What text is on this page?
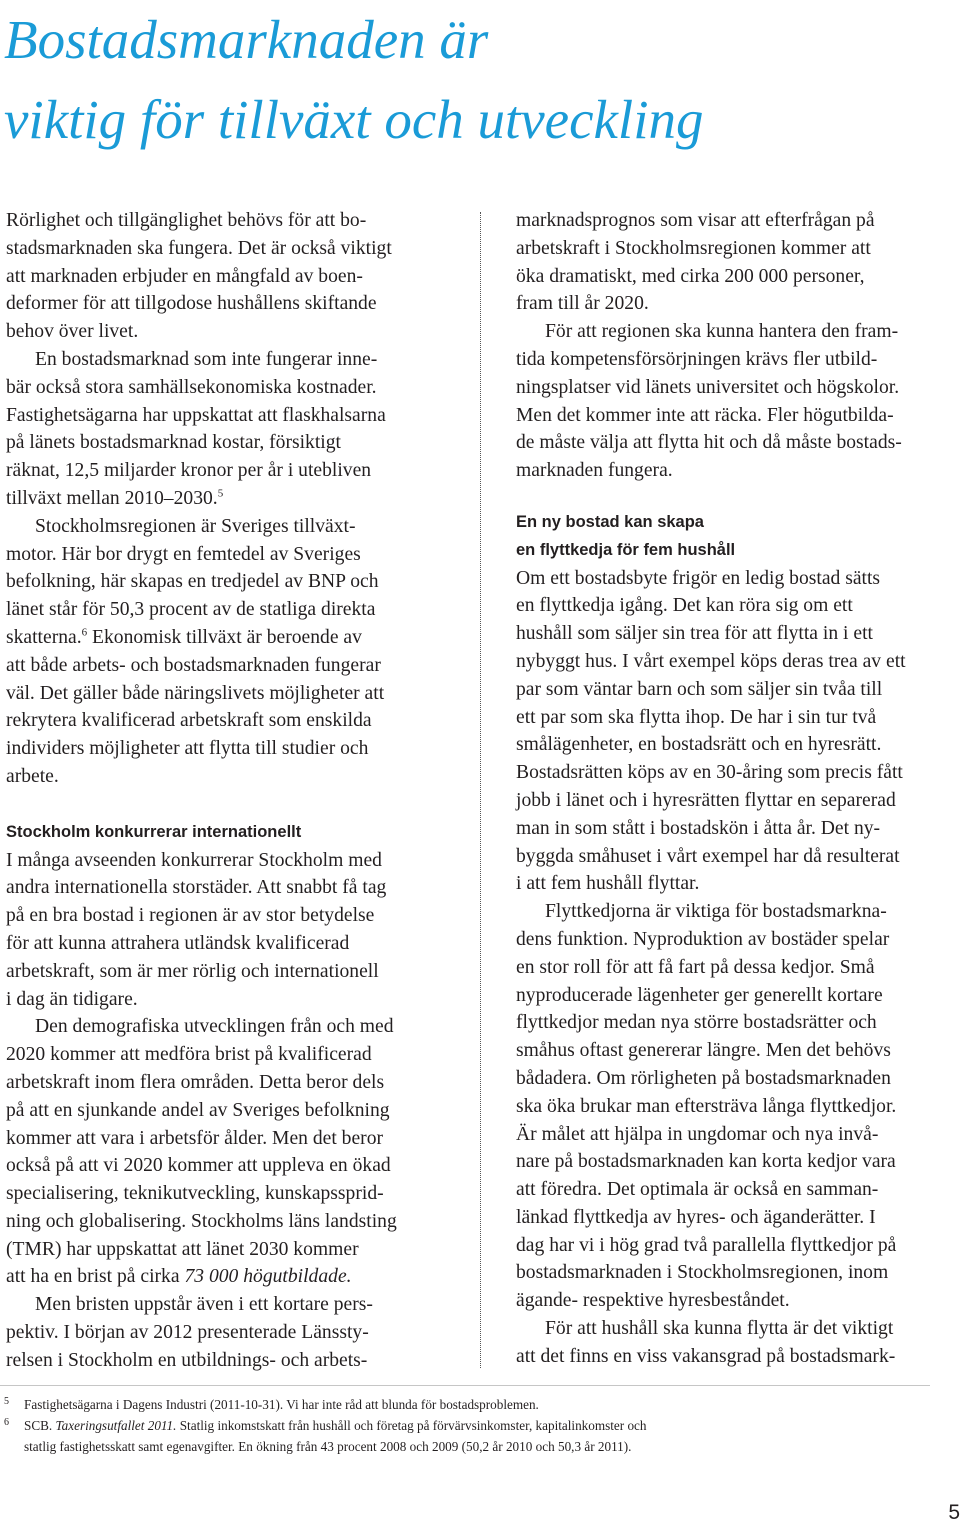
Bostadsmarknaden är
viktig för tillväxt och utveckling

Rörlighet och tillgänglighet behövs för att bo-
stadsmarknaden ska fungera. Det är också viktigt
att marknaden erbjuder en mångfald av boen-
deformer för att tillgodose hushållens skiftande
behov över livet.

En bostadsmarknad som inte fungerar inne-
bär också stora samhällsekonomiska kostnader.
Fastighetsägarna har uppskattat att flaskhalsarna
på länets bostadsmarknad kostar, försiktigt
räknat, 12,5 miljarder kronor per år i utebliven
tillväxt mellan 2010–2030.$^5$

Stockholmsregionen är Sveriges tillväxt-

motor. Här bor drygt en femtedel av Sveriges
befolkning, här skapas en tredjedel av BNP och
länet står för 50,3 procent av de statliga direkta
skatterna.$^6$ Ekonomisk tillväxt är beroende av
att både arbets- och bostadsmarknaden fungerar
väl. Det gäller både näringslivets möjligheter att
rekrytera kvalificerad arbetskraft som enskilda
individers möjligheter att flytta till studier och
arbete.

Stockholm konkurrerar internationellt

I många avseenden konkurrerar Stockholm med
andra internationella storstäder. Att snabbt få tag
på en bra bostad i regionen är av stor betydelse
för att kunna attrahera utländsk kvalificerad
arbetskraft, som är mer rörlig och internationell
i dag än tidigare.

Den demografiska utvecklingen från och med
2020 kommer att medföra brist på kvalificerad
arbetskraft inom flera områden. Detta beror dels
på att en sjunkande andel av Sveriges befolkning
kommer att vara i arbetsför ålder. Men det beror
också på att vi 2020 kommer att uppleva en ökad
specialisering, teknikutveckling, kunskapssprid-
ning och globalisering. Stockholms läns landsting
(TMR) har uppskattat att länet 2030 kommer
att ha en brist på cirka 73 000 högutbildade.

Men bristen uppstår även i ett kortare pers-
pektiv. I början av 2012 presenterade Länssty-
relsen i Stockholm en utbildnings- och arbets-

marknadsprognos som visar att efterfrågan på
arbetskraft i Stockholmsregionen kommer att
öka dramatiskt, med cirka 200 000 personer,
fram till år 2020.

För att regionen ska kunna hantera den fram-
tida kompetensförsörjningen krävs fler utbild-
ningsplatser vid länets universitet och högskolor.
Men det kommer inte att räcka. Fler högutbilda-
de måste välja att flytta hit och då måste bostads-
marknaden fungera.

En ny bostad kan skapa
en flyttkedja för fem hushåll

Om ett bostadsbyte frigör en ledig bostad sätts
en flyttkedja igång. Det kan röra sig om ett
hushåll som säljer sin trea för att flytta in i ett
nybyggt hus. I vårt exempel köps deras trea av ett
par som väntar barn och som säljer sin tvåa till
ett par som ska flytta ihop. De har i sin tur två
smålägenheter, en bostadsrätt och en hyresrätt.
Bostadsrätten köps av en 30-åring som precis fått
jobb i länet och i hyresrätten flyttar en separerad
man in som stått i bostadskön i åtta år. Det ny-
byggda småhuset i vårt exempel har då resulterat
i att fem hushåll flyttar.

Flyttkedjorna är viktiga för bostadsmarkna-
dens funktion. Nyproduktion av bostäder spelar
en stor roll för att få fart på dessa kedjor. Små
nyproducerade lägenheter ger generellt kortare
flyttkedjor medan nya större bostadsrätter och
småhus oftast genererar längre. Men det behövs
bådadera. Om rörligheten på bostadsmarknaden
ska öka brukar man eftersträva långa flyttkedjor.
Är målet att hjälpa in ungdomar och nya invå-
nare på bostadsmarknaden kan korta kedjor vara
att föredra. Det optimala är också en samman-
länkad flyttkedja av hyres- och äganderätter. I
dag har vi i hög grad två parallella flyttkedjor på
bostadsmarknaden i Stockholmsregionen, inom
ägande- respektive hyresbeståndet.

För att hushåll ska kunna flytta är det viktigt
att det finns en viss vakansgrad på bostadsmark-

5 Fastighetsägarna i Dagens Industri (2011-10-31). Vi har inte råd att blunda för bostadsproblemen.
6 SCB. Taxeringsutfallet 2011. Statlig inkomstskatt från hushåll och företag på förvärvsinkomster, kapitalinkomster och
statlig fastighetsskatt samt egenavgifter. En ökning från 43 procent 2008 och 2009 (50,2 år 2010 och 50,3 år 2011).
5
